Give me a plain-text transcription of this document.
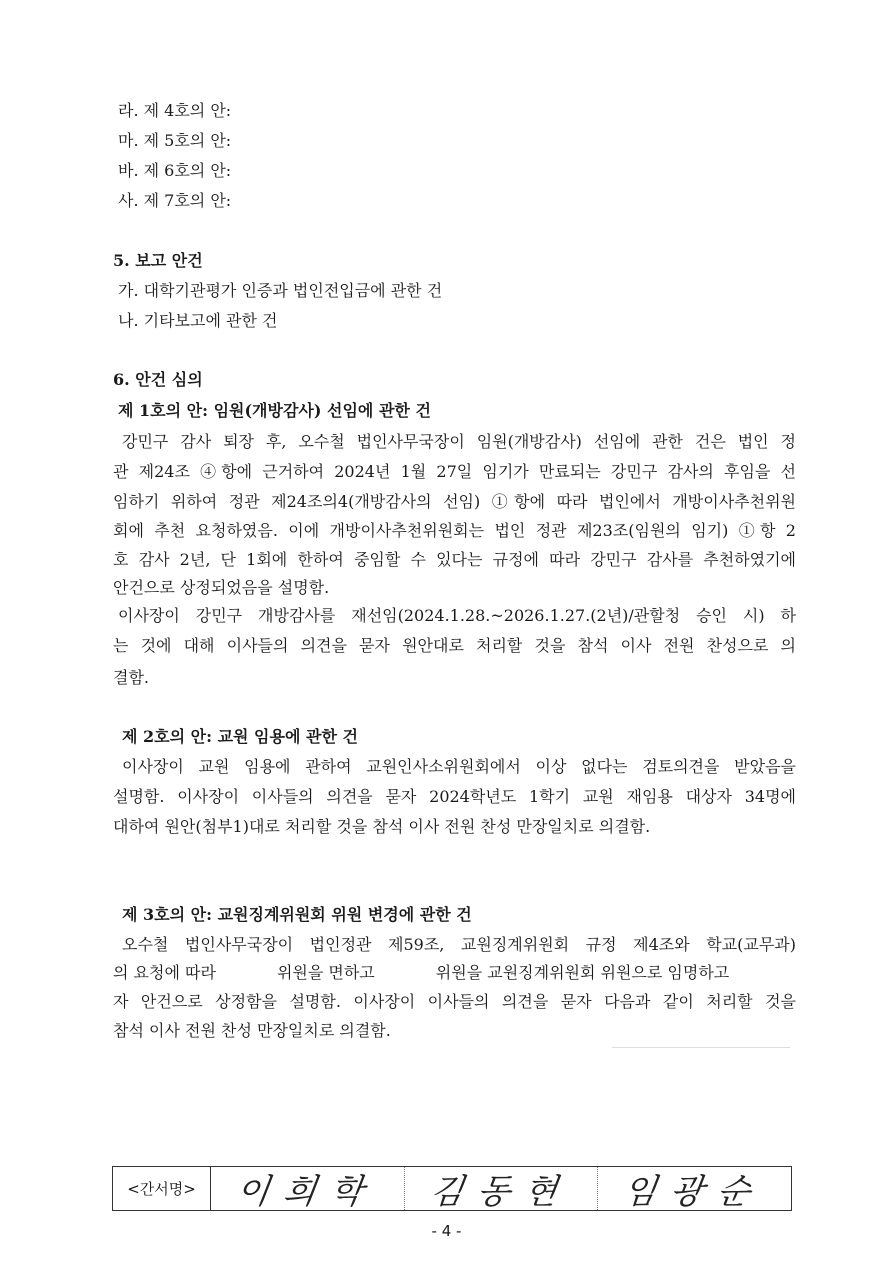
라. 제 4호의 안:
마. 제 5호의 안:
바. 제 6호의 안:
사. 제 7호의 안:
5. 보고 안건
가. 대학기관평가 인증과 법인전입금에 관한 건
나. 기타보고에 관한 건
6. 안건 심의
제 1호의 안: 임원(개방감사) 선임에 관한 건
강민구 감사 퇴장 후, 오수철 법인사무국장이 임원(개방감사) 선임에 관한 건은 법인 정
관 제24조 ④항에 근거하여 2024년 1월 27일 임기가 만료되는 강민구 감사의 후임을 선
임하기 위하여 정관 제24조의4(개방감사의 선임) ①항에 따라 법인에서 개방이사추천위원
회에 추천 요청하였음. 이에 개방이사추천위원회는 법인 정관 제23조(임원의 임기) ①항 2
호 감사 2년, 단 1회에 한하여 중임할 수 있다는 규정에 따라 강민구 감사를 추천하였기에
안건으로 상정되었음을 설명함.
이사장이 강민구 개방감사를 재선임(2024.1.28.~2026.1.27.(2년)/관할청 승인 시) 하
는 것에 대해 이사들의 의견을 묻자 원안대로 처리할 것을 참석 이사 전원 찬성으로 의
결함.
제 2호의 안: 교원 임용에 관한 건
이사장이 교원 임용에 관하여 교원인사소위원회에서 이상 없다는 검토의견을 받았음을
설명함. 이사장이 이사들의 의견을 묻자 2024학년도 1학기 교원 재임용 대상자 34명에
대하여 원안(첨부1)대로 처리할 것을 참석 이사 전원 찬성 만장일치로 의결함.
제 3호의 안: 교원징계위원회 위원 변경에 관한 건
오수철 법인사무국장이 법인정관 제59조, 교원징계위원회 규정 제4조와 학교(교무과)
의 요청에 따라            위원을 면하고            위원을 교원징계위원회 위원으로 임명하고
자 안건으로 상정함을 설명함. 이사장이 이사들의 의견을 묻자 다음과 같이 처리할 것을
참석 이사 전원 찬성 만장일치로 의결함.
<간서명>	이희학 김동현 임광순
- 4 -
